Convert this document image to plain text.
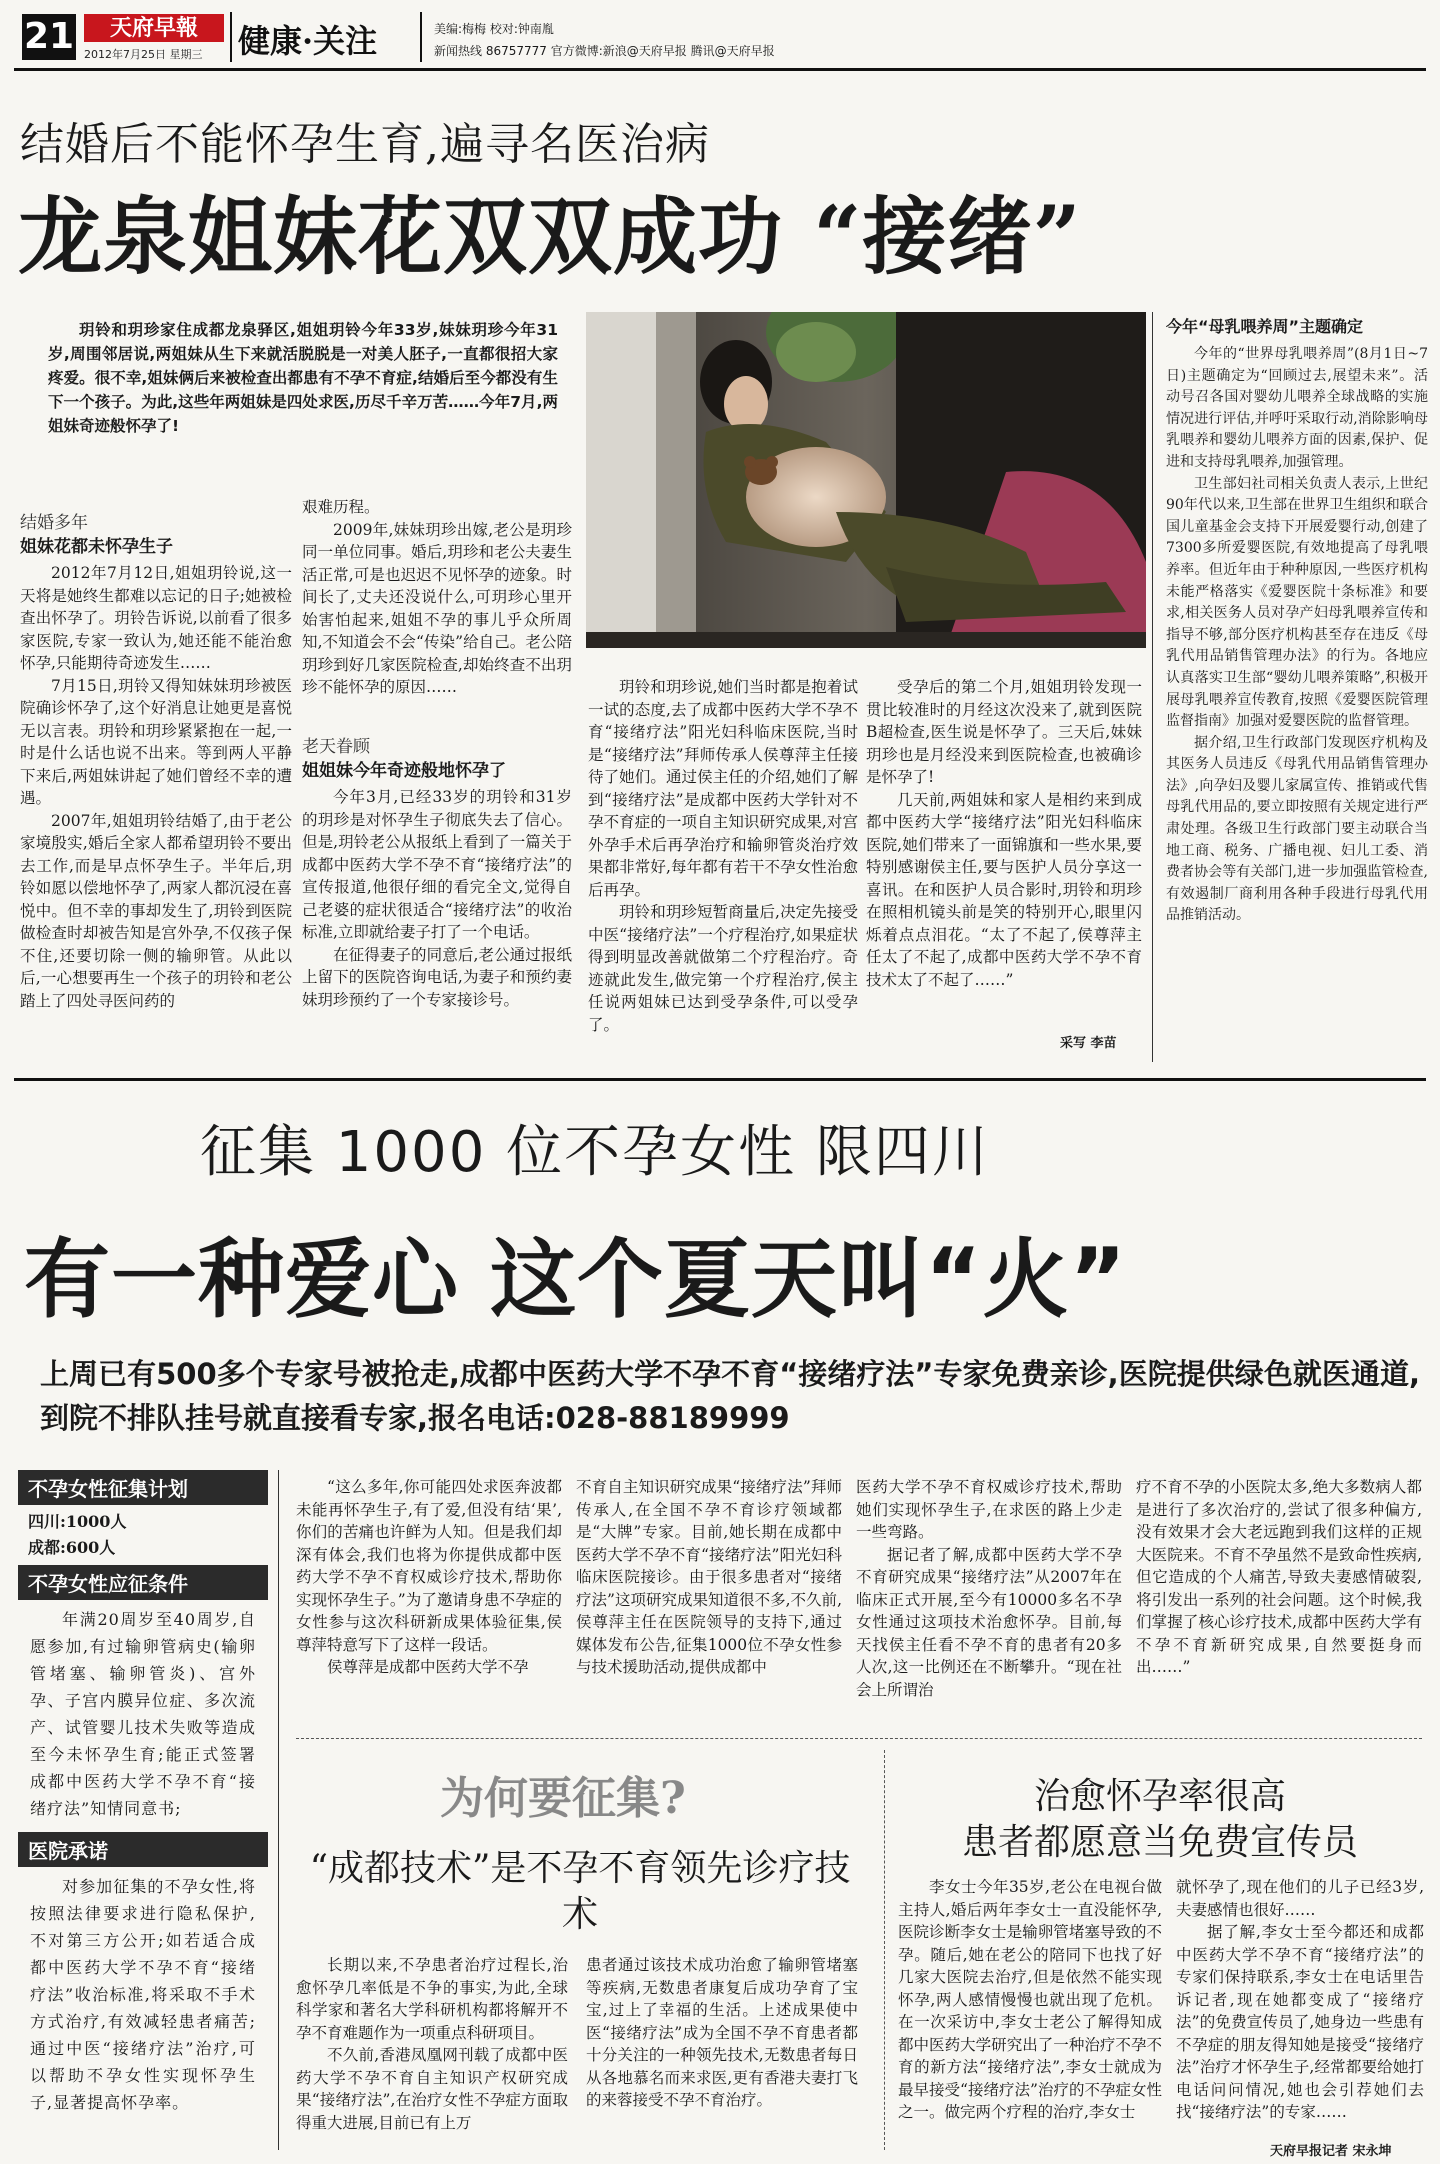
21	天府早報
2012年7月25日 星期三 健康·关注	美编:梅梅 校对:钟南胤
新闻热线 86757777 官方微博:新浪@天府早报 腾讯@天府早报
结婚后不能怀孕生育,遍寻名医治病
龙泉姐妹花双双成功 “接绪”
玥铃和玥珍家住成都龙泉驿区,姐姐玥铃今年33岁,妹妹玥珍今年31岁,周围邻居说,两姐妹从生下来就活脱脱是一对美人胚子,一直都很招大家疼爱。很不幸,姐妹俩后来被检查出都患有不孕不育症,结婚后至今都没有生下一个孩子。为此,这些年两姐妹是四处求医,历尽千辛万苦……今年7月,两姐妹奇迹般怀孕了!
结婚多年
姐妹花都未怀孕生子

2012年7月12日,姐姐玥铃说,这一天将是她终生都难以忘记的日子;她被检查出怀孕了。玥铃告诉说,以前看了很多家医院,专家一致认为,她还能不能治愈怀孕,只能期待奇迹发生……

7月15日,玥铃又得知妹妹玥珍被医院确诊怀孕了,这个好消息让她更是喜悦无以言表。玥铃和玥珍紧紧抱在一起,一时是什么话也说不出来。等到两人平静下来后,两姐妹讲起了她们曾经不幸的遭遇。

2007年,姐姐玥铃结婚了,由于老公家境殷实,婚后全家人都希望玥铃不要出去工作,而是早点怀孕生子。半年后,玥铃如愿以偿地怀孕了,两家人都沉浸在喜悦中。但不幸的事却发生了,玥铃到医院做检查时却被告知是宫外孕,不仅孩子保不住,还要切除一侧的输卵管。从此以后,一心想要再生一个孩子的玥铃和老公踏上了四处寻医问药的

艰难历程。

2009年,妹妹玥珍出嫁,老公是玥珍同一单位同事。婚后,玥珍和老公夫妻生活正常,可是也迟迟不见怀孕的迹象。时间长了,丈夫还没说什么,可玥珍心里开始害怕起来,姐姐不孕的事儿乎众所周知,不知道会不会“传染”给自己。老公陪玥珍到好几家医院检查,却始终查不出玥珍不能怀孕的原因……

老天眷顾
姐姐妹今年奇迹般地怀孕了

今年3月,已经33岁的玥铃和31岁的玥珍是对怀孕生子彻底失去了信心。但是,玥铃老公从报纸上看到了一篇关于成都中医药大学不孕不育“接绪疗法”的宣传报道,他很仔细的看完全文,觉得自己老婆的症状很适合“接绪疗法”的收治标准,立即就给妻子打了一个电话。

在征得妻子的同意后,老公通过报纸上留下的医院咨询电话,为妻子和预约妻妹玥珍预约了一个专家接诊号。

玥铃和玥珍说,她们当时都是抱着试一试的态度,去了成都中医药大学不孕不育“接绪疗法”阳光妇科临床医院,当时是“接绪疗法”拜师传承人侯尊萍主任接待了她们。通过侯主任的介绍,她们了解到“接绪疗法”是成都中医药大学针对不孕不育症的一项自主知识研究成果,对宫外孕手术后再孕治疗和输卵管炎治疗效果都非常好,每年都有若干不孕女性治愈后再孕。

玥铃和玥珍短暂商量后,决定先接受中医“接绪疗法”一个疗程治疗,如果症状得到明显改善就做第二个疗程治疗。奇迹就此发生,做完第一个疗程治疗,侯主任说两姐妹已达到受孕条件,可以受孕了。

受孕后的第二个月,姐姐玥铃发现一贯比较准时的月经这次没来了,就到医院B超检查,医生说是怀孕了。三天后,妹妹玥珍也是月经没来到医院检查,也被确诊是怀孕了!

几天前,两姐妹和家人是相约来到成都中医药大学“接绪疗法”阳光妇科临床医院,她们带来了一面锦旗和一些水果,要特别感谢侯主任,要与医护人员分享这一喜讯。在和医护人员合影时,玥铃和玥珍在照相机镜头前是笑的特别开心,眼里闪烁着点点泪花。“太了不起了,侯尊萍主任太了不起了,成都中医药大学不孕不育技术太了不起了……”

采写 李苗
今年“母乳喂养周”主题确定

今年的“世界母乳喂养周”(8月1日~7日)主题确定为“回顾过去,展望未来”。活动号召各国对婴幼儿喂养全球战略的实施情况进行评估,并呼吁采取行动,消除影响母乳喂养和婴幼儿喂养方面的因素,保护、促进和支持母乳喂养,加强管理。

卫生部妇社司相关负责人表示,上世纪90年代以来,卫生部在世界卫生组织和联合国儿童基金会支持下开展爱婴行动,创建了7300多所爱婴医院,有效地提高了母乳喂养率。但近年由于种种原因,一些医疗机构未能严格落实《爱婴医院十条标准》和要求,相关医务人员对孕产妇母乳喂养宣传和指导不够,部分医疗机构甚至存在违反《母乳代用品销售管理办法》的行为。各地应认真落实卫生部“婴幼儿喂养策略”,积极开展母乳喂养宣传教育,按照《爱婴医院管理监督指南》加强对爱婴医院的监督管理。

据介绍,卫生行政部门发现医疗机构及其医务人员违反《母乳代用品销售管理办法》,向孕妇及婴儿家属宣传、推销或代售母乳代用品的,要立即按照有关规定进行严肃处理。各级卫生行政部门要主动联合当地工商、税务、广播电视、妇儿工委、消费者协会等有关部门,进一步加强监管检查,有效遏制厂商利用各种手段进行母乳代用品推销活动。

征集 1000 位不孕女性 限四川
有一种爱心 这个夏天叫“火”
上周已有500多个专家号被抢走,成都中医药大学不孕不育“接绪疗法”专家免费亲诊,医院提供绿色就医通道,到院不排队挂号就直接看专家,报名电话:028-88189999
不孕女性征集计划
四川:1000人
成都:600人
不孕女性应征条件
年满20周岁至40周岁,自愿参加,有过输卵管病史(输卵管堵塞、输卵管炎)、宫外孕、子宫内膜异位症、多次流产、试管婴儿技术失败等造成至今未怀孕生育;能正式签署成都中医药大学不孕不育“接绪疗法”知情同意书;
医院承诺
对参加征集的不孕女性,将按照法律要求进行隐私保护,不对第三方公开;如若适合成都中医药大学不孕不育“接绪疗法”收治标准,将采取不手术方式治疗,有效减轻患者痛苦;通过中医“接绪疗法”治疗,可以帮助不孕女性实现怀孕生子,显著提高怀孕率。

“这么多年,你可能四处求医奔波都未能再怀孕生子,有了爱,但没有结‘果’,你们的苦痛也许鲜为人知。但是我们却深有体会,我们也将为你提供成都中医药大学不孕不育权威诊疗技术,帮助你实现怀孕生子。”为了邀请身患不孕症的女性参与这次科研新成果体验征集,侯尊萍特意写下了这样一段话。

侯尊萍是成都中医药大学不孕

不育自主知识研究成果“接绪疗法”拜师传承人,在全国不孕不育诊疗领域都是“大牌”专家。目前,她长期在成都中医药大学不孕不育“接绪疗法”阳光妇科临床医院接诊。由于很多患者对“接绪疗法”这项研究成果知道很不多,不久前,侯尊萍主任在医院领导的支持下,通过媒体发布公告,征集1000位不孕女性参与技术援助活动,提供成都中

医药大学不孕不育权威诊疗技术,帮助她们实现怀孕生子,在求医的路上少走一些弯路。

据记者了解,成都中医药大学不孕不育研究成果“接绪疗法”从2007年在临床正式开展,至今有10000多名不孕女性通过这项技术治愈怀孕。目前,每天找侯主任看不孕不育的患者有20多人次,这一比例还在不断攀升。“现在社会上所谓治

疗不育不孕的小医院太多,绝大多数病人都是进行了多次治疗的,尝试了很多种偏方,没有效果才会大老远跑到我们这样的正规大医院来。不育不孕虽然不是致命性疾病,但它造成的个人痛苦,导致夫妻感情破裂,将引发出一系列的社会问题。这个时候,我们掌握了核心诊疗技术,成都中医药大学有不孕不育新研究成果,自然要挺身而出……”

为何要征集?
“成都技术”是不孕不育领先诊疗技术

长期以来,不孕患者治疗过程长,治愈怀孕几率低是不争的事实,为此,全球科学家和著名大学科研机构都将解开不孕不育难题作为一项重点科研项目。

不久前,香港凤凰网刊载了成都中医药大学不孕不育自主知识产权研究成果“接绪疗法”,在治疗女性不孕症方面取得重大进展,目前已有上万

患者通过该技术成功治愈了输卵管堵塞等疾病,无数患者康复后成功孕育了宝宝,过上了幸福的生活。上述成果使中医“接绪疗法”成为全国不孕不育患者都十分关注的一种领先技术,无数患者每日从各地慕名而来求医,更有香港夫妻打飞的来蓉接受不孕不育治疗。

治愈怀孕率很高
患者都愿意当免费宣传员

李女士今年35岁,老公在电视台做主持人,婚后两年李女士一直没能怀孕,医院诊断李女士是输卵管堵塞导致的不孕。随后,她在老公的陪同下也找了好几家大医院去治疗,但是依然不能实现怀孕,两人感情慢慢也就出现了危机。在一次采访中,李女士老公了解得知成都中医药大学研究出了一种治疗不孕不育的新方法“接绪疗法”,李女士就成为最早接受“接绪疗法”治疗的不孕症女性之一。做完两个疗程的治疗,李女士

就怀孕了,现在他们的儿子已经3岁,夫妻感情也很好……

据了解,李女士至今都还和成都中医药大学不孕不育“接绪疗法”的专家们保持联系,李女士在电话里告诉记者,现在她都变成了“接绪疗法”的免费宣传员了,她身边一些患有不孕症的朋友得知她是接受“接绪疗法”治疗才怀孕生子,经常都要给她打电话问问情况,她也会引荐她们去找“接绪疗法”的专家……

天府早报记者 宋永坤
